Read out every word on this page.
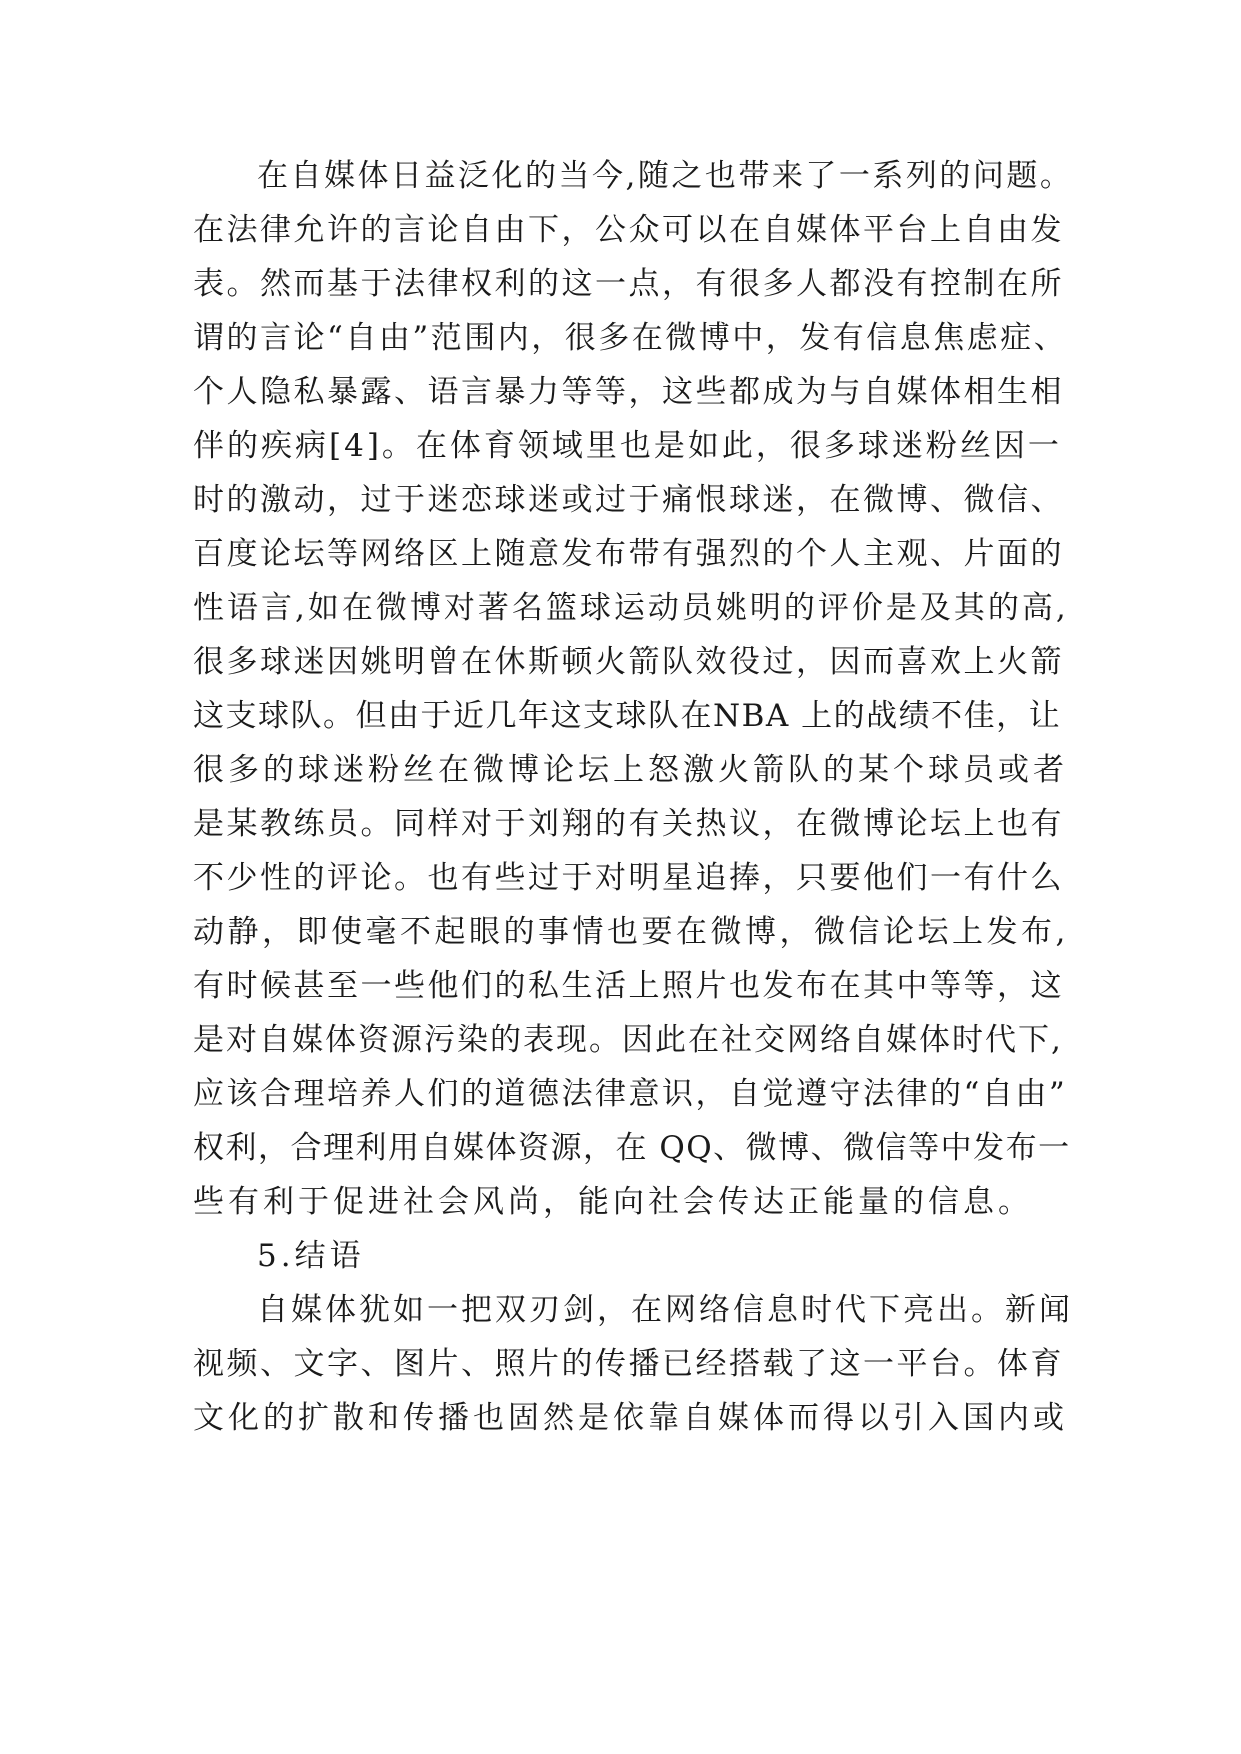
在自媒体日益泛化的当今,随之也带来了一系列的问题。
在法律允许的言论自由下，公众可以在自媒体平台上自由发
表。然而基于法律权利的这一点，有很多人都没有控制在所
谓的言论“自由”范围内，很多在微博中，发有信息焦虑症、
个人隐私暴露、语言暴力等等，这些都成为与自媒体相生相
伴的疾病[4]。在体育领域里也是如此，很多球迷粉丝因一
时的激动，过于迷恋球迷或过于痛恨球迷，在微博、微信、
百度论坛等网络区上随意发布带有强烈的个人主观、片面的
性语言,如在微博对著名篮球运动员姚明的评价是及其的高,
很多球迷因姚明曾在休斯顿火箭队效役过，因而喜欢上火箭
这支球队。但由于近几年这支球队在NBA 上的战绩不佳，让
很多的球迷粉丝在微博论坛上怒激火箭队的某个球员或者
是某教练员。同样对于刘翔的有关热议，在微博论坛上也有
不少性的评论。也有些过于对明星追捧，只要他们一有什么
动静，即使毫不起眼的事情也要在微博，微信论坛上发布,
有时候甚至一些他们的私生活上照片也发布在其中等等，这
是对自媒体资源污染的表现。因此在社交网络自媒体时代下,
应该合理培养人们的道德法律意识，自觉遵守法律的“自由”
权利，合理利用自媒体资源，在 QQ、微博、微信等中发布一
些有利于促进社会风尚，能向社会传达正能量的信息。
5.结语
自媒体犹如一把双刃剑，在网络信息时代下亮出。新闻
视频、文字、图片、照片的传播已经搭载了这一平台。体育
文化的扩散和传播也固然是依靠自媒体而得以引入国内或
